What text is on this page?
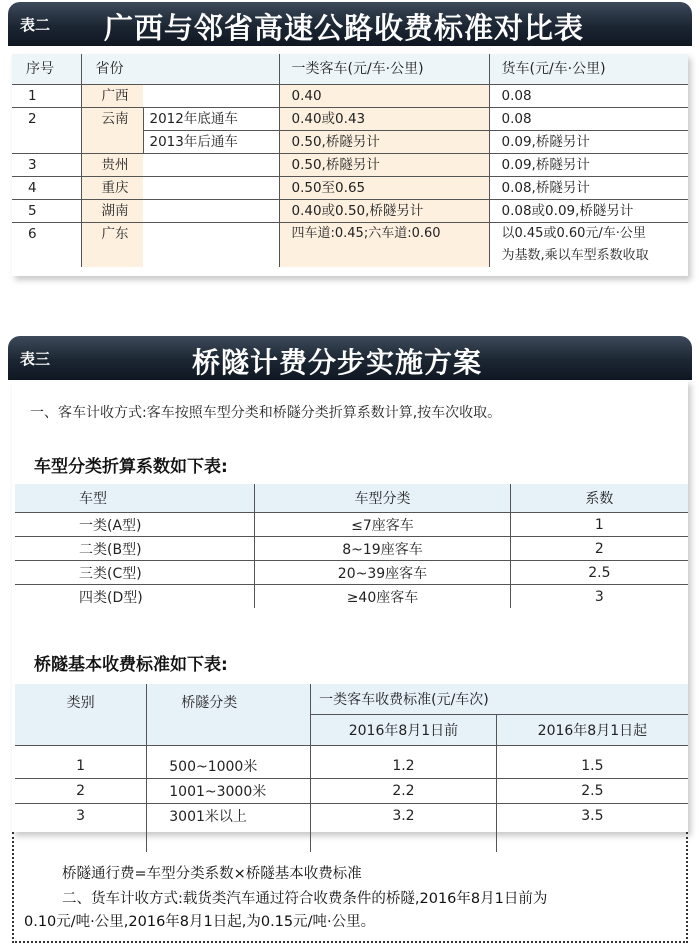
表二 广西与邻省高速公路收费标准对比表
序号	省份		一类客车(元/车·公里)	货车(元/车·公里)
1	广西		0.40	0.08
2	云南	2012年底通车	0.40或0.43	0.08
		2013年后通车	0.50,桥隧另计	0.09,桥隧另计
3	贵州		0.50,桥隧另计	0.09,桥隧另计
4	重庆		0.50至0.65	0.08,桥隧另计
5	湖南		0.40或0.50,桥隧另计	0.08或0.09,桥隧另计
6	广东		四车道:0.45;六车道:0.60	以0.45或0.60元/车·公里
为基数,乘以车型系数收取
表三	桥隧计费分步实施方案
一、客车计收方式:客车按照车型分类和桥隧分类折算系数计算,按车次收取。
车型分类折算系数如下表:
车型	车型分类	系数
一类(A型)	≤7座客车	1
二类(B型)	8~19座客车	2
三类(C型)	20~39座客车	2.5
四类(D型)	≥40座客车	3
桥隧基本收费标准如下表:
类别	桥隧分类	一类客车收费标准(元/车次)	
		2016年8月1日前	2016年8月1日起

1	500~1000米	1.2	1.5
2	1001~3000米	2.2	2.5
3	3001米以上	3.2	3.5

桥隧通行费=车型分类系数×桥隧基本收费标准
二、货车计收方式:载货类汽车通过符合收费条件的桥隧,2016年8月1日前为
0.10元/吨·公里,2016年8月1日起,为0.15元/吨·公里。
